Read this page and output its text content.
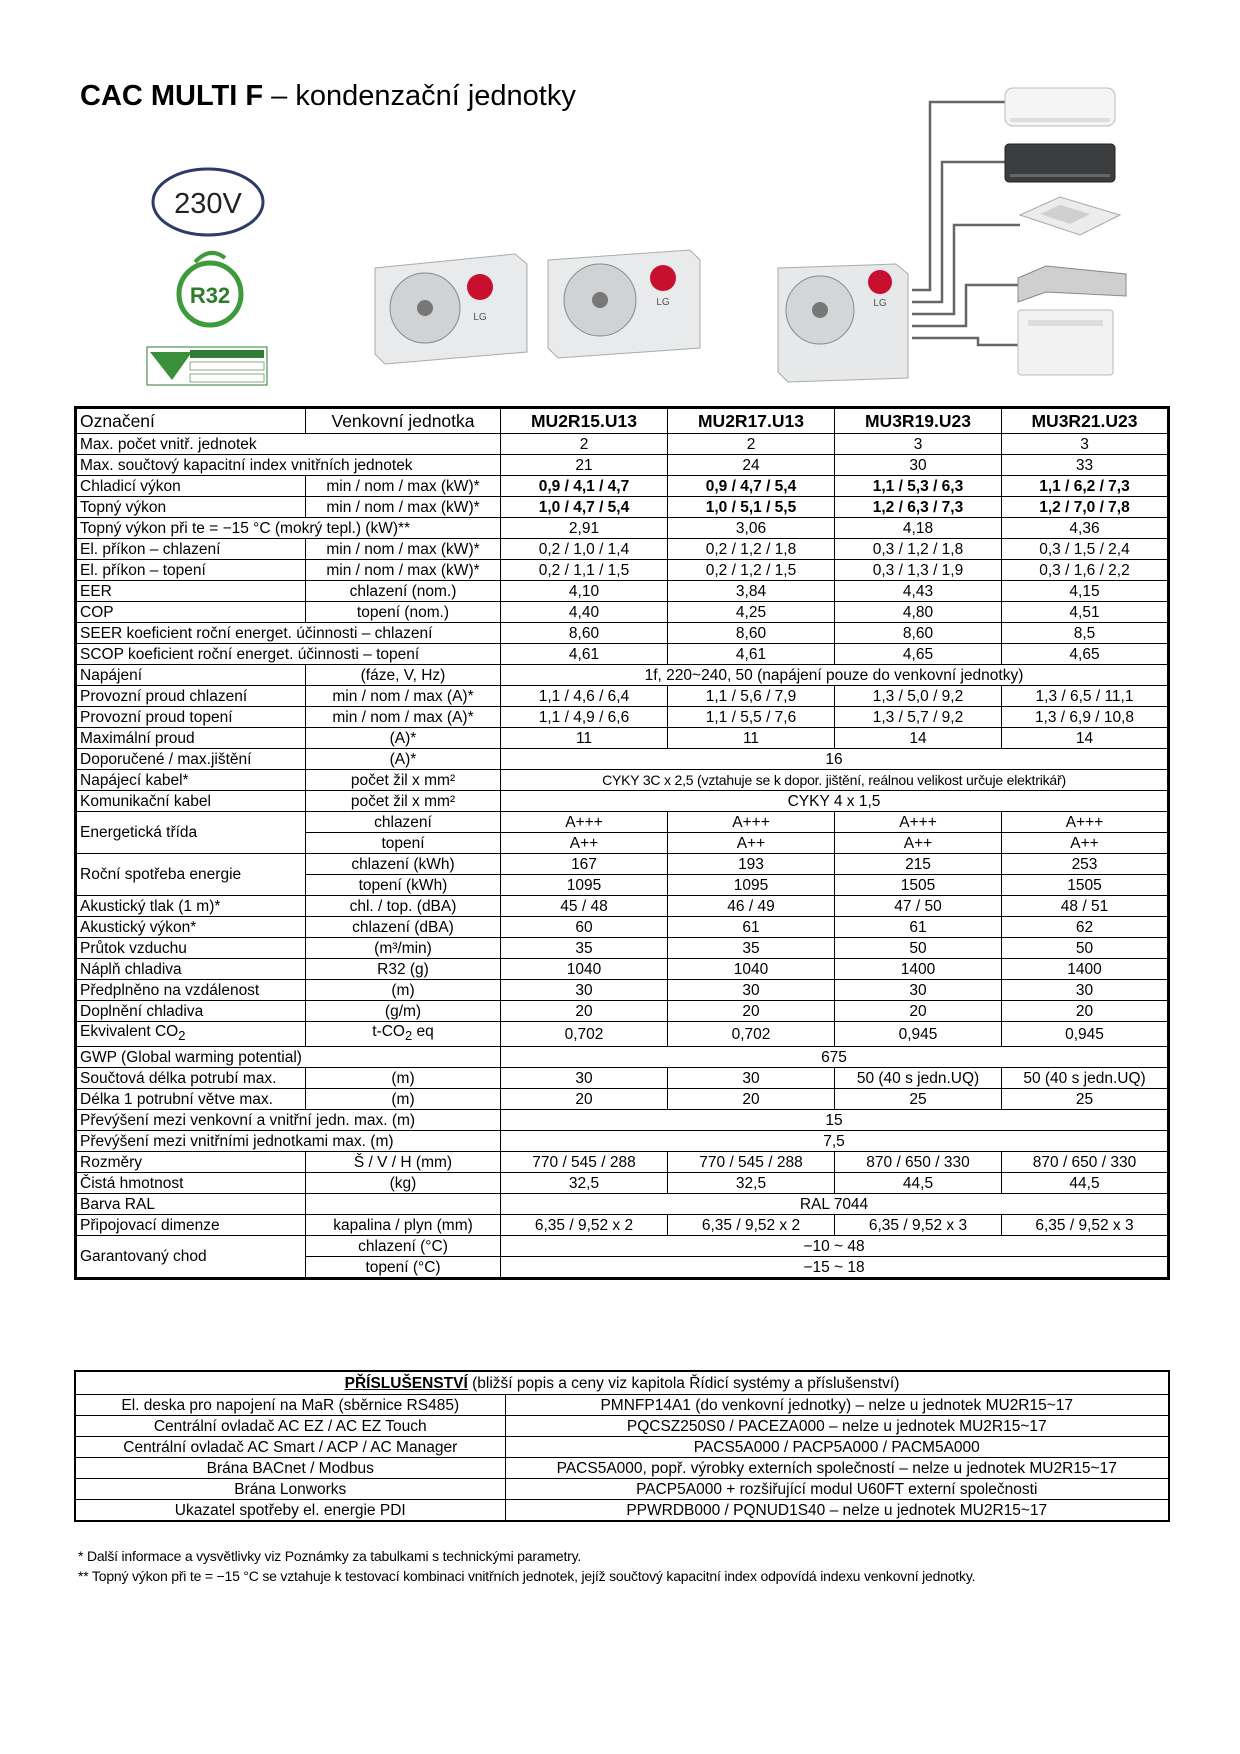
CAC MULTI F – kondenzační jednotky
230V
R32
LG
LG	LG
Označení	Venkovní jednotka	MU2R15.U13	MU2R17.U13	MU3R19.U23	MU3R21.U23
Max. počet vnitř. jednotek		2	2	3	3
Max. součtový kapacitní index vnitřních jednotek		21	24	30	33
Chladicí výkon	min / nom / max (kW)*	0,9 / 4,1 / 4,7	0,9 / 4,7 / 5,4	1,1 / 5,3 / 6,3	1,1 / 6,2 / 7,3
Topný výkon	min / nom / max (kW)*	1,0 / 4,7 / 5,4	1,0 / 5,1 / 5,5	1,2 / 6,3 / 7,3	1,2 / 7,0 / 7,8
Topný výkon při te = −15 °C (mokrý tepl.) (kW)**		2,91	3,06	4,18	4,36
El. příkon – chlazení	min / nom / max (kW)*	0,2 / 1,0 / 1,4	0,2 / 1,2 / 1,8	0,3 / 1,2 / 1,8	0,3 / 1,5 / 2,4
El. příkon – topení	min / nom / max (kW)*	0,2 / 1,1 / 1,5	0,2 / 1,2 / 1,5	0,3 / 1,3 / 1,9	0,3 / 1,6 / 2,2
EER	chlazení (nom.)	4,10	3,84	4,43	4,15
COP	topení (nom.)	4,40	4,25	4,80	4,51
SEER koeficient roční energet. účinnosti – chlazení		8,60	8,60	8,60	8,5
SCOP koeficient roční energet. účinnosti – topení		4,61	4,61	4,65	4,65
Napájení	(fáze, V, Hz)	1f, 220~240, 50 (napájení pouze do venkovní jednotky)			
Provozní proud chlazení	min / nom / max (A)*	1,1 / 4,6 / 6,4	1,1 / 5,6 / 7,9	1,3 / 5,0 / 9,2	1,3 / 6,5 / 11,1
Provozní proud topení	min / nom / max (A)*	1,1 / 4,9 / 6,6	1,1 / 5,5 / 7,6	1,3 / 5,7 / 9,2	1,3 / 6,9 / 10,8
Maximální proud	(A)*	11	11	14	14
Doporučené / max.jištění	(A)*	16			
Napájecí kabel*	počet žil x mm²	CYKY 3C x 2,5 (vztahuje se k dopor. jištění, reálnou velikost určuje elektrikář)			
Komunikační kabel	počet žil x mm²	CYKY 4 x 1,5			
Energetická třída	chlazení	A+++	A+++	A+++	A+++
	topení	A++	A++	A++	A++
Roční spotřeba energie	chlazení (kWh)	167	193	215	253
	topení (kWh)	1095	1095	1505	1505
Akustický tlak (1 m)*	chl. / top. (dBA)	45 / 48	46 / 49	47 / 50	48 / 51
Akustický výkon*	chlazení (dBA)	60	61	61	62
Průtok vzduchu	(m³/min)	35	35	50	50
Náplň chladiva	R32 (g)	1040	1040	1400	1400
Předplněno na vzdálenost	(m)	30	30	30	30
Doplnění chladiva	(g/m)	20	20	20	20
Ekvivalent $CO_2$	$t-CO_2$ eq	0,702	0,702	0,945	0,945
GWP (Global warming potential)		675			
Součtová délka potrubí max.	(m)	30	30	50 (40 s jedn.UQ)	50 (40 s jedn.UQ)
Délka 1 potrubní větve max.	(m)	20	20	25	25
Převýšení mezi venkovní a vnitřní jedn. max. (m)		15			
Převýšení mezi vnitřními jednotkami max. (m)		7,5			
Rozměry	Š / V / H (mm)	770 / 545 / 288	770 / 545 / 288	870 / 650 / 330	870 / 650 / 330
Čistá hmotnost	(kg)	32,5	32,5	44,5	44,5
Barva RAL		RAL 7044			
Připojovací dimenze	kapalina / plyn (mm)	6,35 / 9,52 x 2	6,35 / 9,52 x 2	6,35 / 9,52 x 3	6,35 / 9,52 x 3
Garantovaný chod	chlazení (°C)	−10 ~ 48			
	topení (°C)	−15 ~ 18			
PŘÍSLUŠENSTVÍ (bližší popis a ceny viz kapitola Řídicí systémy a příslušenství)	
El. deska pro napojení na MaR (sběrnice RS485)	PMNFP14A1 (do venkovní jednotky) – nelze u jednotek MU2R15~17
Centrální ovladač AC EZ / AC EZ Touch	PQCSZ250S0 / PACEZA000 – nelze u jednotek MU2R15~17
Centrální ovladač AC Smart / ACP / AC Manager	PACS5A000 / PACP5A000 / PACM5A000
Brána BACnet / Modbus	PACS5A000, popř. výrobky externích společností – nelze u jednotek MU2R15~17
Brána Lonworks	PACP5A000 + rozšiřující modul U60FT externí společnosti
Ukazatel spotřeby el. energie PDI	PPWRDB000 / PQNUD1S40 – nelze u jednotek MU2R15~17
* Další informace a vysvětlivky viz Poznámky za tabulkami s technickými parametry.
** Topný výkon při te = −15 °C se vztahuje k testovací kombinaci vnitřních jednotek, jejíž součtový kapacitní index odpovídá indexu venkovní jednotky.
